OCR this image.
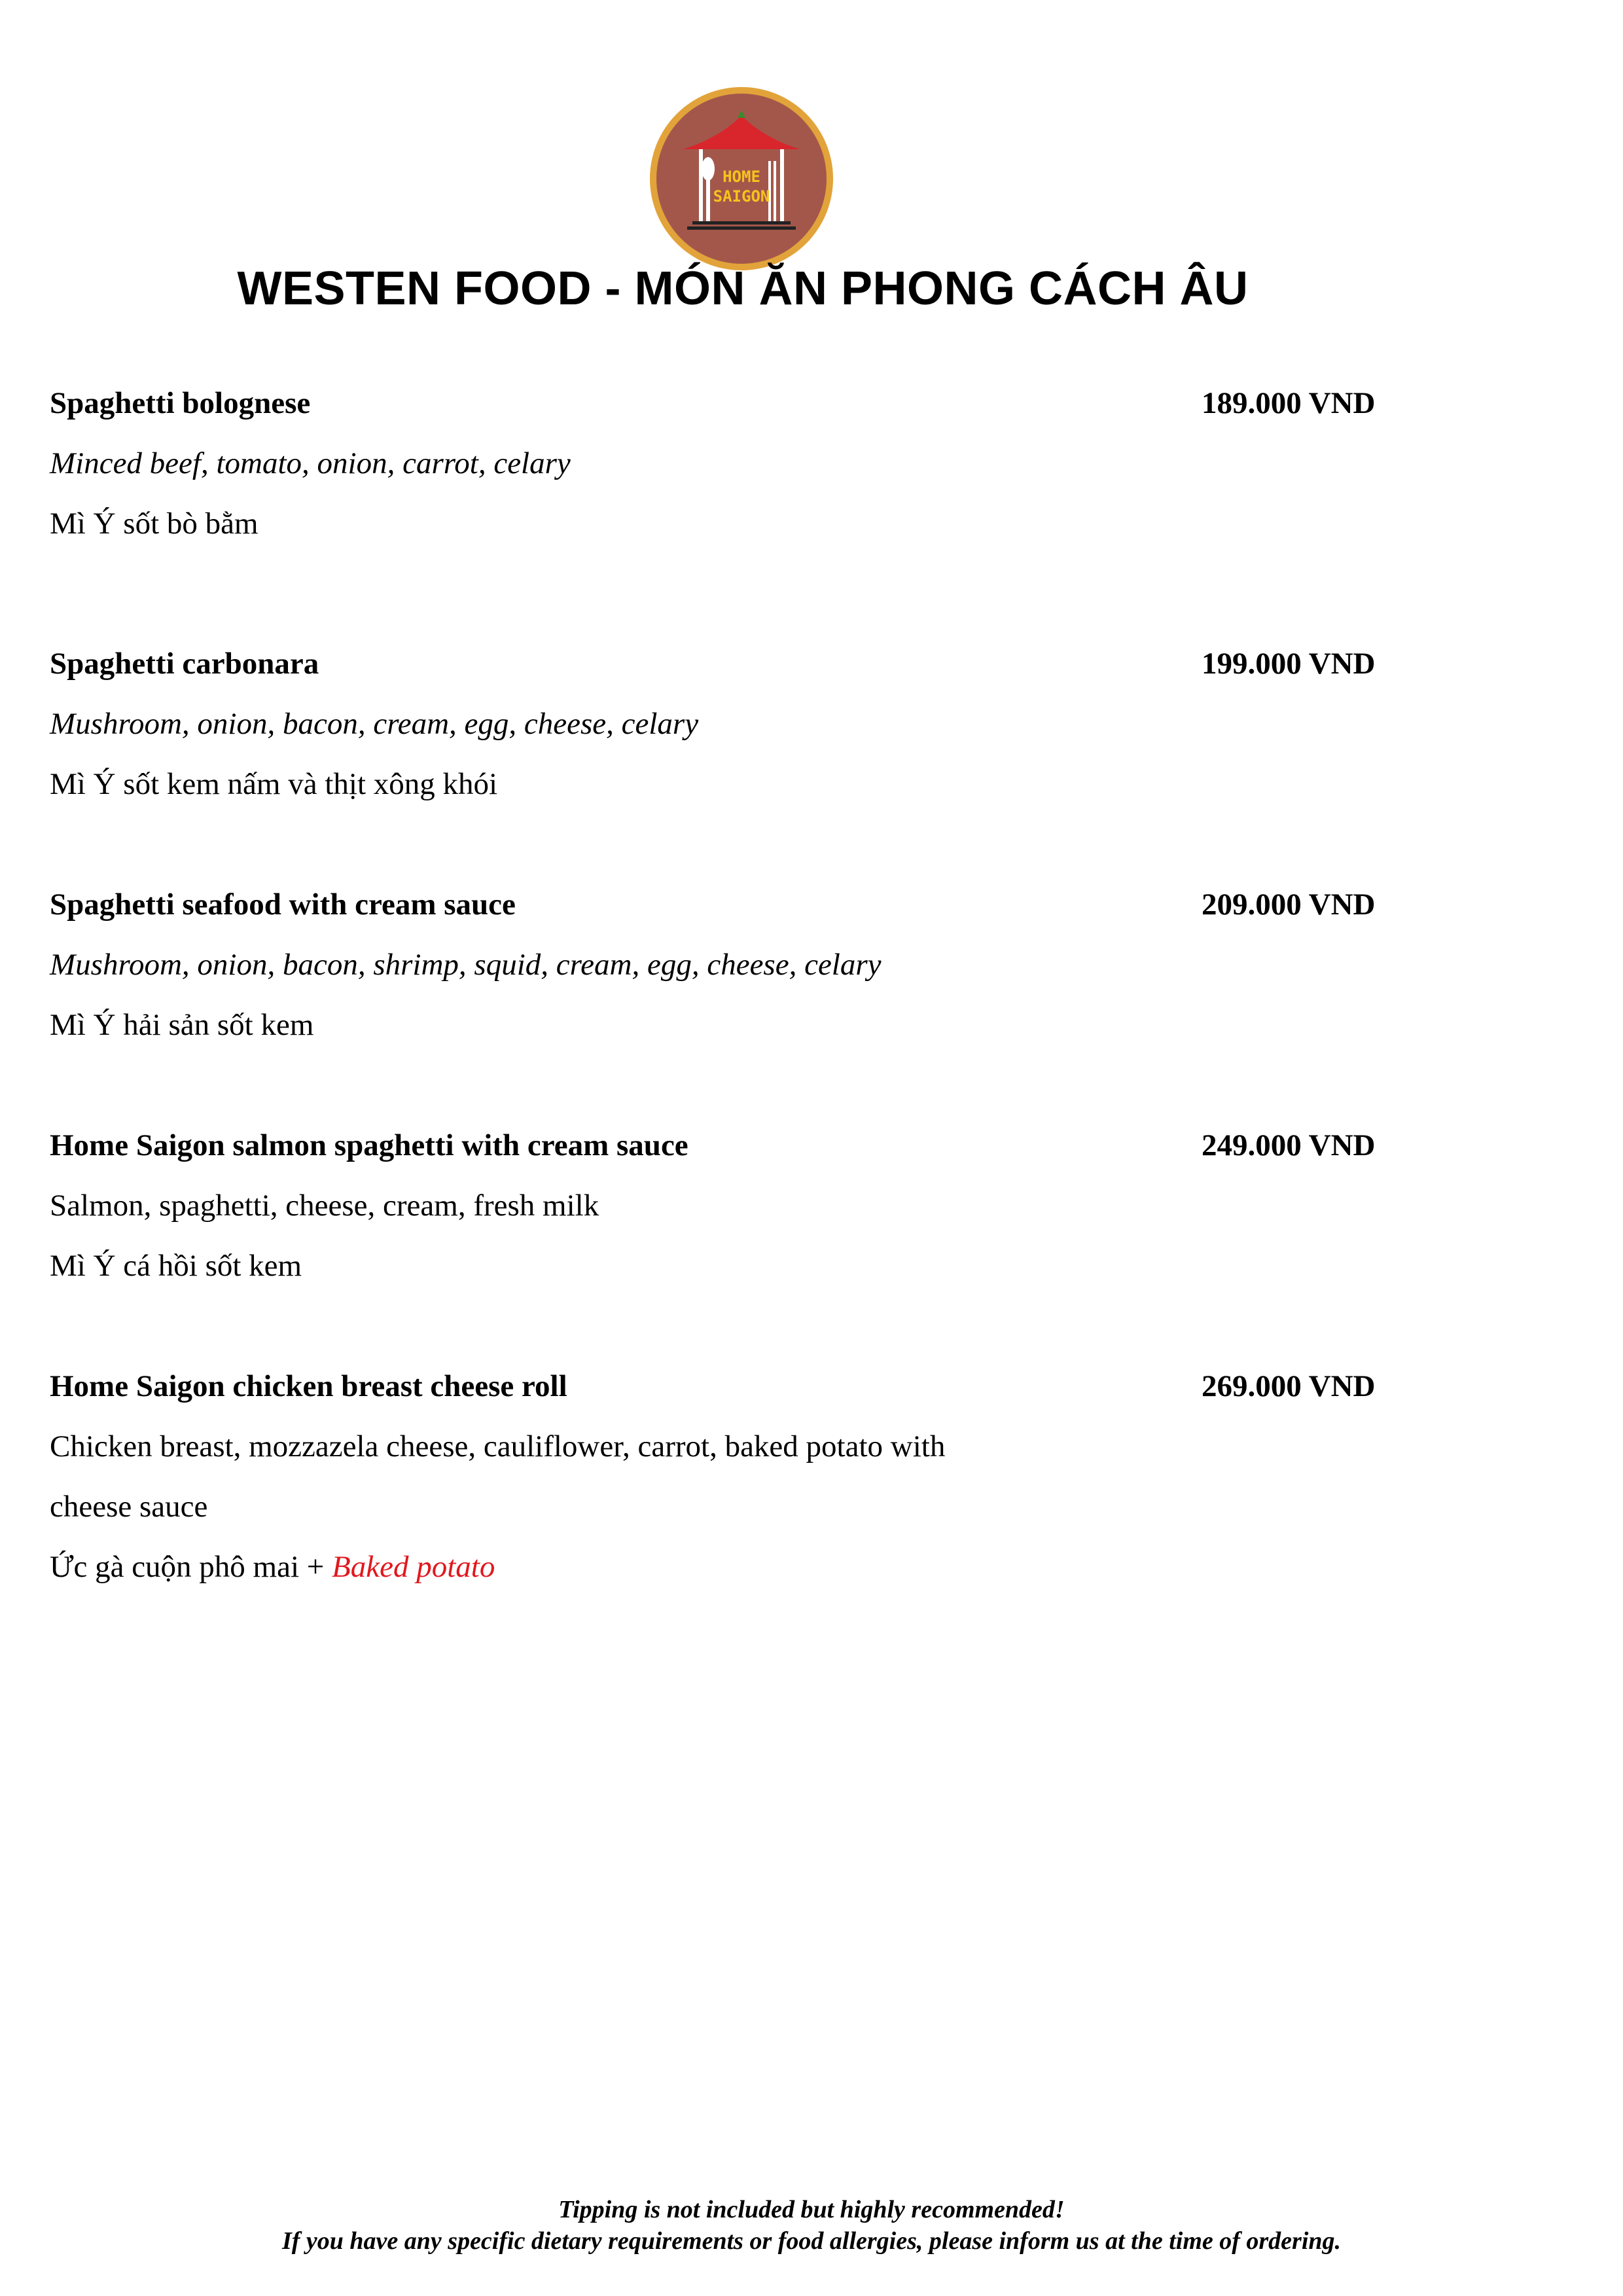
HOME
SAIGON
WESTEN FOOD - MÓN ĂN PHONG CÁCH ÂU
Spaghetti bolognese	189.000 VND
Minced beef, tomato, onion, carrot, celary
Mì Ý sốt bò bằm
Spaghetti carbonara	199.000 VND
Mushroom, onion, bacon, cream, egg, cheese, celary
Mì Ý sốt kem nấm và thịt xông khói
Spaghetti seafood with cream sauce	209.000 VND
Mushroom, onion, bacon, shrimp, squid, cream, egg, cheese, celary
Mì Ý hải sản sốt kem
Home Saigon salmon spaghetti with cream sauce	249.000 VND
Salmon, spaghetti, cheese, cream, fresh milk
Mì Ý cá hồi sốt kem
Home Saigon chicken breast cheese roll	269.000 VND
Chicken breast, mozzazela cheese, cauliflower, carrot, baked potato with
cheese sauce
Ức gà cuộn phô mai + Baked potato
Tipping is not included but highly recommended!
If you have any specific dietary requirements or food allergies, please inform us at the time of ordering.
